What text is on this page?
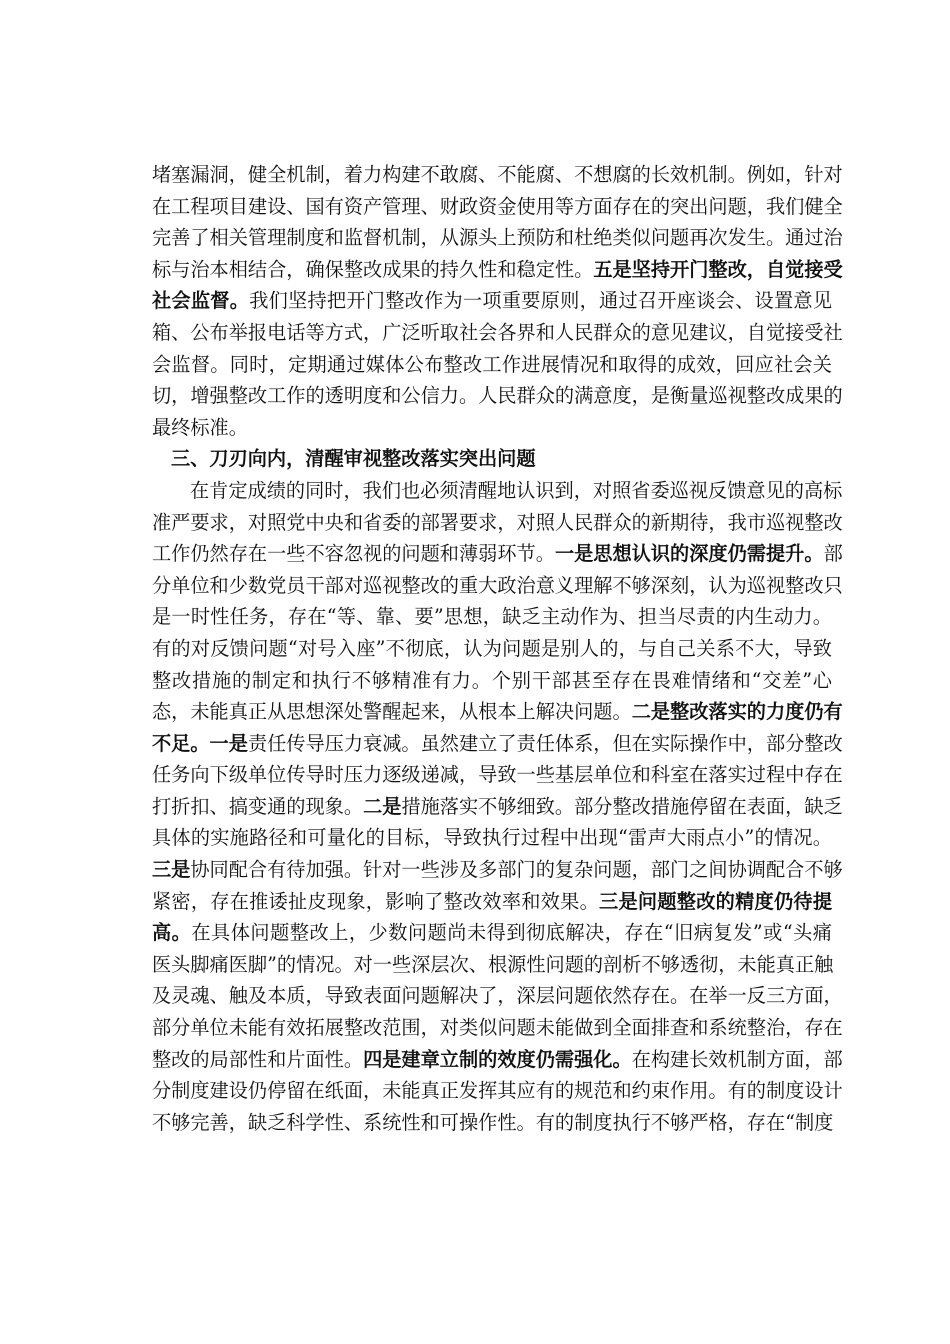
堵塞漏洞，健全机制，着力构建不敢腐、不能腐、不想腐的长效机制。例如，针对
在工程项目建设、国有资产管理、财政资金使用等方面存在的突出问题，我们健全
完善了相关管理制度和监督机制，从源头上预防和杜绝类似问题再次发生。通过治
标与治本相结合，确保整改成果的持久性和稳定性。五是坚持开门整改，自觉接受
社会监督。我们坚持把开门整改作为一项重要原则，通过召开座谈会、设置意见
箱、公布举报电话等方式，广泛听取社会各界和人民群众的意见建议，自觉接受社
会监督。同时，定期通过媒体公布整改工作进展情况和取得的成效，回应社会关
切，增强整改工作的透明度和公信力。人民群众的满意度，是衡量巡视整改成果的
最终标准。
三、刀刃向内，清醒审视整改落实突出问题
在肯定成绩的同时，我们也必须清醒地认识到，对照省委巡视反馈意见的高标
准严要求，对照党中央和省委的部署要求，对照人民群众的新期待，我市巡视整改
工作仍然存在一些不容忽视的问题和薄弱环节。一是思想认识的深度仍需提升。部
分单位和少数党员干部对巡视整改的重大政治意义理解不够深刻，认为巡视整改只
是一时性任务，存在“等、靠、要”思想，缺乏主动作为、担当尽责的内生动力。
有的对反馈问题“对号入座”不彻底，认为问题是别人的，与自己关系不大，导致
整改措施的制定和执行不够精准有力。个别干部甚至存在畏难情绪和“交差”心
态，未能真正从思想深处警醒起来，从根本上解决问题。二是整改落实的力度仍有
不足。一是责任传导压力衰减。虽然建立了责任体系，但在实际操作中，部分整改
任务向下级单位传导时压力逐级递减，导致一些基层单位和科室在落实过程中存在
打折扣、搞变通的现象。二是措施落实不够细致。部分整改措施停留在表面，缺乏
具体的实施路径和可量化的目标，导致执行过程中出现“雷声大雨点小”的情况。
三是协同配合有待加强。针对一些涉及多部门的复杂问题，部门之间协调配合不够
紧密，存在推诿扯皮现象，影响了整改效率和效果。三是问题整改的精度仍待提
高。在具体问题整改上，少数问题尚未得到彻底解决，存在“旧病复发”或“头痛
医头脚痛医脚”的情况。对一些深层次、根源性问题的剖析不够透彻，未能真正触
及灵魂、触及本质，导致表面问题解决了，深层问题依然存在。在举一反三方面，
部分单位未能有效拓展整改范围，对类似问题未能做到全面排查和系统整治，存在
整改的局部性和片面性。四是建章立制的效度仍需强化。在构建长效机制方面，部
分制度建设仍停留在纸面，未能真正发挥其应有的规范和约束作用。有的制度设计
不够完善，缺乏科学性、系统性和可操作性。有的制度执行不够严格，存在“制度
